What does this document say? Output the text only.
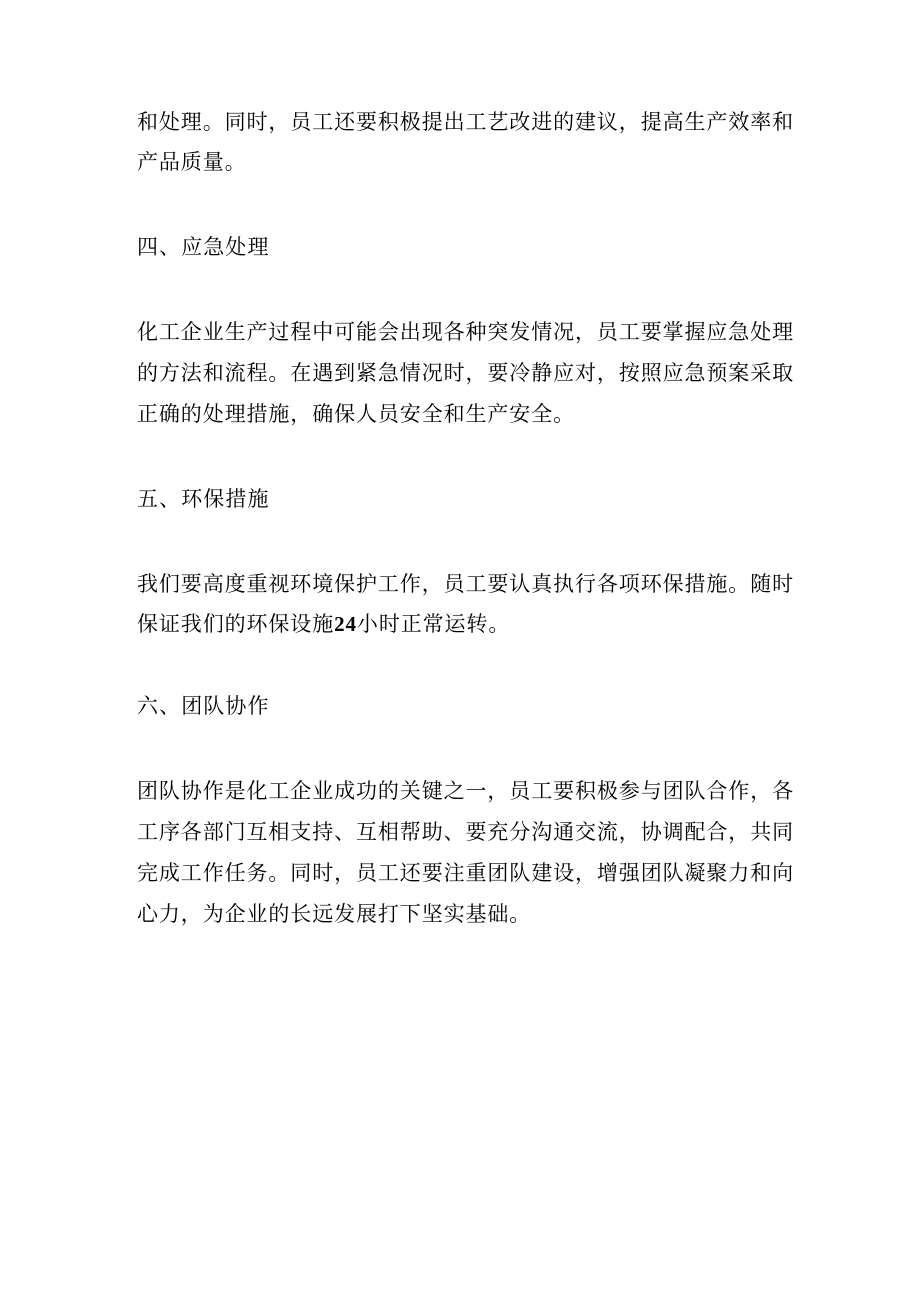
和处理。同时，员工还要积极提出工艺改进的建议，提高生产效率和
产品质量。
四、应急处理
化工企业生产过程中可能会出现各种突发情况，员工要掌握应急处理
的方法和流程。在遇到紧急情况时，要冷静应对，按照应急预案采取
正确的处理措施，确保人员安全和生产安全。
五、环保措施
我们要高度重视环境保护工作，员工要认真执行各项环保措施。随时
保证我们的环保设施24小时正常运转。
六、团队协作
团队协作是化工企业成功的关键之一，员工要积极参与团队合作，各
工序各部门互相支持、互相帮助、要充分沟通交流，协调配合，共同
完成工作任务。同时，员工还要注重团队建设，增强团队凝聚力和向
心力，为企业的长远发展打下坚实基础。
